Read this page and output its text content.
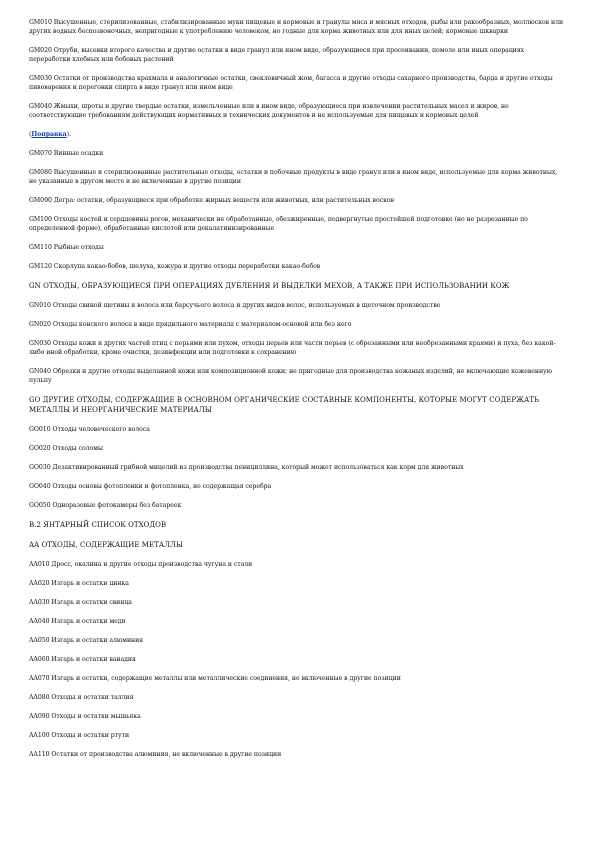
GM010 Высушенные, стерилизованные, стабилизированные муки пищевые и кормовые и гранулы мяса и мясных отходов, рыбы или ракообразных, моллюсков или других водных беспозвоночных, непригодные к употреблению человеком, но годные для корма животных или для иных целей; кормовые шкварки

GM020 Отруби, высевки второго качества и другие остатки в виде гранул или ином виде, образующиеся при просеивании, помоле или иных операциях переработки хлебных или бобовых растений

GM030 Остатки от производства крахмала и аналогичные остатки, свекловичный жом, багасса и другие отходы сахарного производства, барда и другие отходы пивоварения и перегонки спирта в виде гранул или ином виде

GM040 Жмыхи, шроты и другие твердые остатки, измельченные или в ином виде, образующиеся при извлечении растительных масел и жиров, не соответствующие требованиям действующих нормативных и технических документов и не используемые для пищевых и кормовых целей

(Поправка).

GM070 Винные осадки

GM080 Высушенные и стерилизованные растительные отходы, остатки и побочные продукты в виде гранул или в ином виде, используемые для корма животных, не указанные в другом месте и не включенные в другие позиции

GM090 Дегра: остатки, образующиеся при обработке жирных веществ или животных, или растительных восков

GM100 Отходы костей и сердцевины рогов, механически не обработанные, обезжиренные, подвергнутые простейшей подготовке (но не разрезанные по определенной форме), обработанные кислотой или декалатинизированные

GM110 Рыбные отходы

GM120 Скорлупа какао-бобов, шелуха, кожура и другие отходы переработки какао-бобов

GN ОТХОДЫ, ОБРАЗУЮЩИЕСЯ ПРИ ОПЕРАЦИЯХ ДУБЛЕНИЯ И ВЫДЕЛКИ МЕХОВ, А ТАКЖЕ ПРИ ИСПОЛЬЗОВАНИИ КОЖ

GN010 Отходы свиной щетины и волоса или барсучьего волоса и других видов волос, используемых в щеточном производстве

GN020 Отходы конского волоса в виде прядильного материала с материалом-основой или без него

GN030 Отходы кожи и других частей птиц с перьями или пухом, отходы перьев или части перьев (с обрезанными или необрезанными краями) и пуха, без какой-либо иной обработки, кроме очистки, дезинфекции или подготовки к сохранению

GN040 Обрезки и другие отходы выделанной кожи или композиционной кожи; не пригодные для производства кожаных изделий, не включающие кожевенную пульпу

GO ДРУГИЕ ОТХОДЫ, СОДЕРЖАЩИЕ В ОСНОВНОМ ОРГАНИЧЕСКИЕ СОСТАВНЫЕ КОМПОНЕНТЫ, КОТОРЫЕ МОГУТ СОДЕРЖАТЬ МЕТАЛЛЫ И НЕОРГАНИЧЕСКИЕ МАТЕРИАЛЫ

GO010 Отходы человеческого волоса

GO020 Отходы соломы

GO030 Дезактивированный грибной мицелий из производства пенициллина, который может использоваться как корм для животных

GO040 Отходы основы фотопленки и фотопленка, не содержащая серебра

GO050 Одноразовые фотокамеры без батареек

B.2 ЯНТАРНЫЙ СПИСОК ОТХОДОВ

AA ОТХОДЫ, СОДЕРЖАЩИЕ МЕТАЛЛЫ

AA010 Дросс, окалина и другие отходы производства чугуна и стали

AA020 Изгарь и остатки цинка

AA030 Изгарь и остатки свинца

AA040 Изгарь и остатки меди

AA050 Изгарь и остатки алюминия

AA060 Изгарь и остатки ванадия

AA070 Изгарь и остатки, содержащие металлы или металлические соединения, не включенные в другие позиции

AA080 Отходы и остатки таллия

AA090 Отходы и остатки мышьяка

AA100 Отходы и остатки ртути

AA110 Остатки от производства алюминия, не включенные в другие позиции
